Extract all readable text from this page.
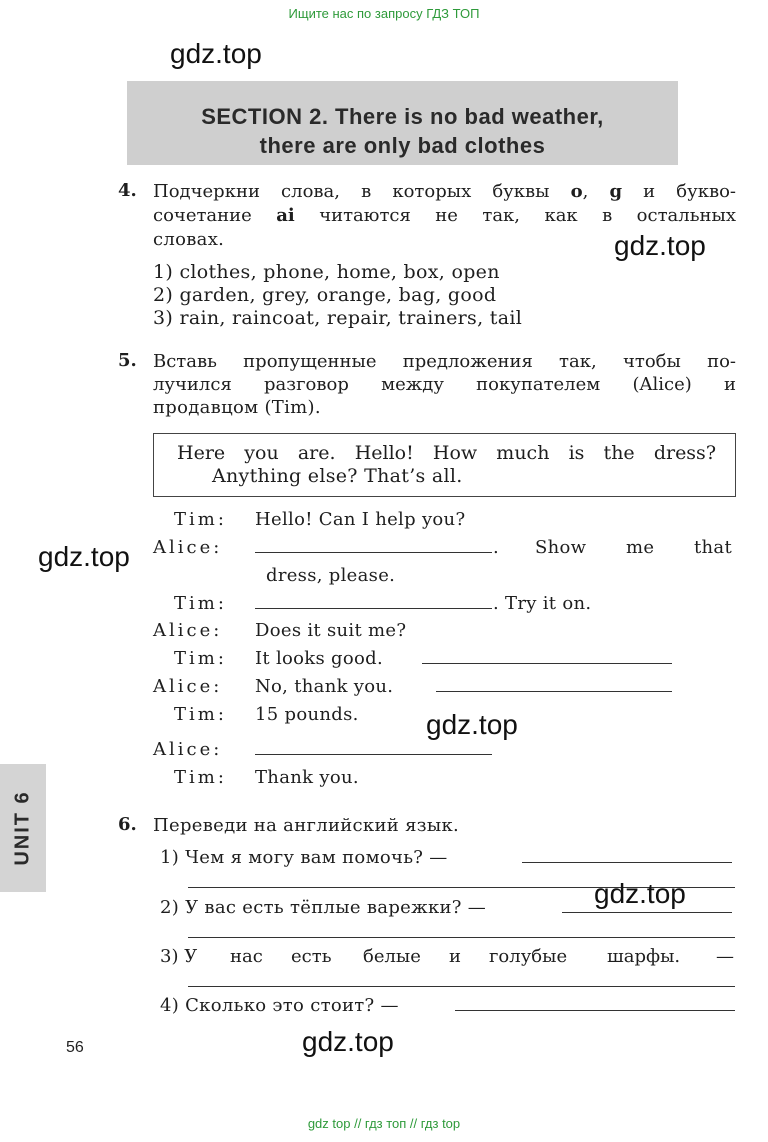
Ищите нас по запросу ГДЗ ТОП
gdz.top
SECTION 2. There is no bad weather,
there are only bad clothes
4. Подчеркни слова, в которых буквы o, g и букво-
сочетание ai читаются не так, как в остальных
словах.	gdz.top
1) clothes, phone, home, box, open
2) garden, grey, orange, bag, good
3) rain, raincoat, repair, trainers, tail
5. Вставь пропущенные предложения так, чтобы по-
лучился разговор между покупателем (Alice) и
продавцом (Tim).
Here you are. Hello! How much is the dress?
Anything else? That’s all.
Tim: Hello! Can I help you?
Alice:	. Show me that
dress, please.
gdz.top
Tim:	. Try it on.
Alice: Does it suit me?
Tim: It looks good.
Alice: No, thank you.
Tim: 15 pounds. gdz.top
Alice:
Tim: Thank you.
UNIT 6	6. Переведи на английский язык.
1) Чем я могу вам помочь? —
gdz.top
2) У вас есть тёплые варежки? —
3) У нас есть белые и голубые шарфы. —
4) Сколько это стоит? —
56	gdz.top
gdz top // гдз топ // гдз top
